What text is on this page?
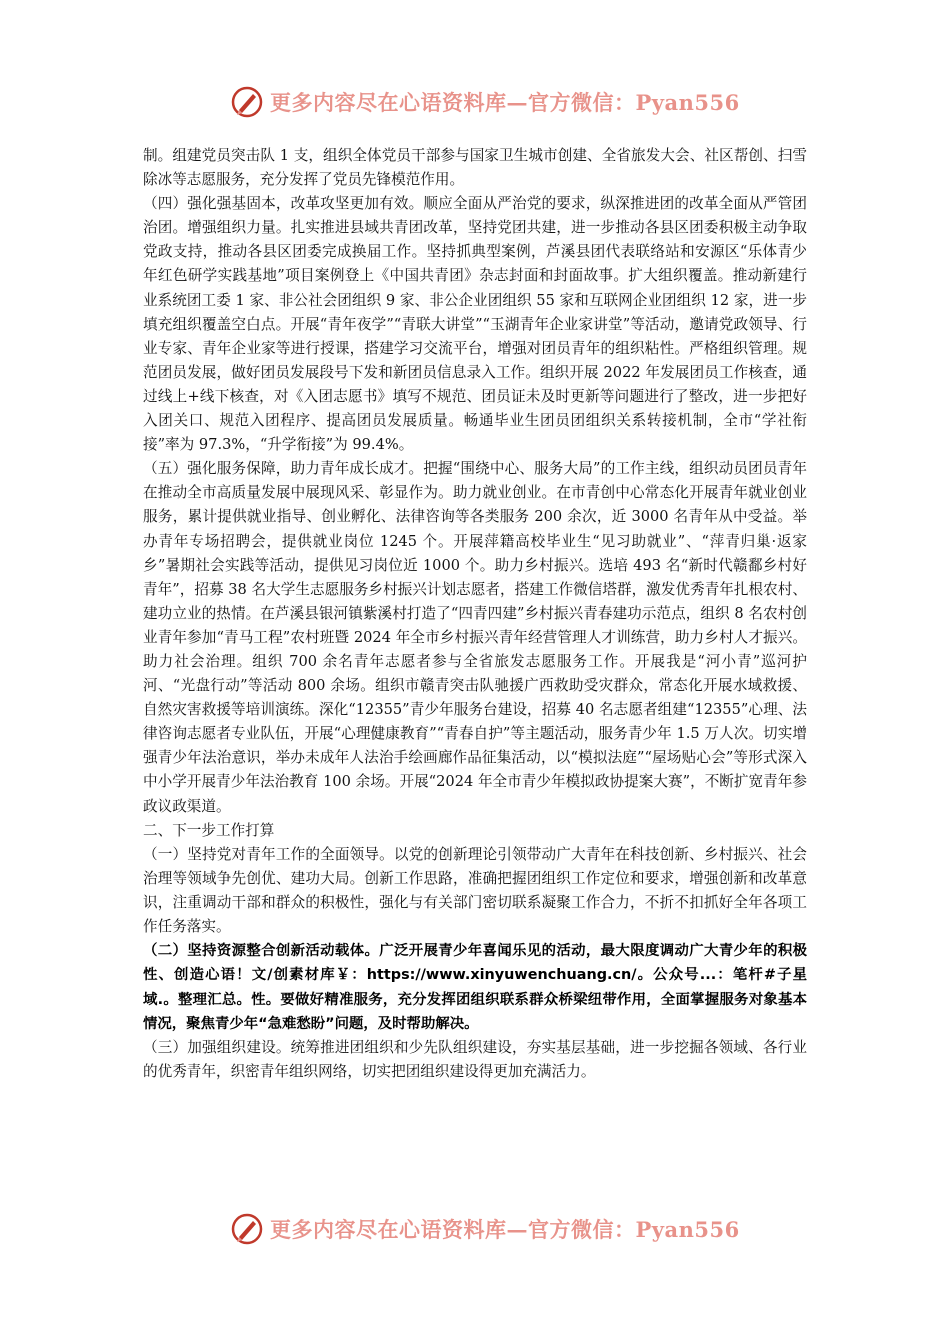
更多内容尽在心语资料库—官方微信：Pyan556

制。组建党员突击队 1 支，组织全体党员干部参与国家卫生城市创建、全省旅发大会、社区帮创、扫雪除冰等志愿服务，充分发挥了党员先锋模范作用。

（四）强化强基固本，改革攻坚更加有效。顺应全面从严治党的要求，纵深推进团的改革全面从严管团治团。增强组织力量。扎实推进县域共青团改革，坚持党团共建，进一步推动各县区团委积极主动争取党政支持，推动各县区团委完成换届工作。坚持抓典型案例，芦溪县团代表联络站和安源区“乐体青少年红色研学实践基地”项目案例登上《中国共青团》杂志封面和封面故事。扩大组织覆盖。推动新建行业系统团工委 1 家、非公社会团组织 9 家、非公企业团组织 55 家和互联网企业团组织 12 家，进一步填充组织覆盖空白点。开展“青年夜学”“青联大讲堂”“玉湖青年企业家讲堂”等活动，邀请党政领导、行业专家、青年企业家等进行授课，搭建学习交流平台，增强对团员青年的组织粘性。严格组织管理。规范团员发展，做好团员发展段号下发和新团员信息录入工作。组织开展 2022 年发展团员工作核查，通过线上+线下核查，对《入团志愿书》填写不规范、团员证未及时更新等问题进行了整改，进一步把好入团关口、规范入团程序、提高团员发展质量。畅通毕业生团员团组织关系转接机制，全市“学社衔接”率为 97.3%，“升学衔接”为 99.4%。

（五）强化服务保障，助力青年成长成才。把握“围绕中心、服务大局”的工作主线，组织动员团员青年在推动全市高质量发展中展现风采、彰显作为。助力就业创业。在市青创中心常态化开展青年就业创业服务，累计提供就业指导、创业孵化、法律咨询等各类服务 200 余次，近 3000 名青年从中受益。举办青年专场招聘会，提供就业岗位 1245 个。开展萍籍高校毕业生“见习助就业”、“萍青归巢·返家乡”暑期社会实践等活动，提供见习岗位近 1000 个。助力乡村振兴。选培 493 名“新时代赣鄱乡村好青年”，招募 38 名大学生志愿服务乡村振兴计划志愿者，搭建工作微信塔群，激发优秀青年扎根农村、建功立业的热情。在芦溪县银河镇紫溪村打造了“四青四建”乡村振兴青春建功示范点，组织 8 名农村创业青年参加“青马工程”农村班暨 2024 年全市乡村振兴青年经营管理人才训练营，助力乡村人才振兴。助力社会治理。组织 700 余名青年志愿者参与全省旅发志愿服务工作。开展我是“河小青”巡河护河、“光盘行动”等活动 800 余场。组织市赣青突击队驰援广西救助受灾群众，常态化开展水域救援、自然灾害救援等培训演练。深化“12355”青少年服务台建设，招募 40 名志愿者组建“12355”心理、法律咨询志愿者专业队伍，开展“心理健康教育”“青春自护”等主题活动，服务青少年 1.5 万人次。切实增强青少年法治意识，举办未成年人法治手绘画廊作品征集活动，以“模拟法庭”“屋场贴心会”等形式深入中小学开展青少年法治教育 100 余场。开展“2024 年全市青少年模拟政协提案大赛”，不断扩宽青年参政议政渠道。

二、下一步工作打算

（一）坚持党对青年工作的全面领导。以党的创新理论引领带动广大青年在科技创新、乡村振兴、社会治理等领域争先创优、建功大局。创新工作思路，准确把握团组织工作定位和要求，增强创新和改革意识，注重调动干部和群众的积极性，强化与有关部门密切联系凝聚工作合力，不折不扣抓好全年各项工作任务落实。

（二）坚持资源整合创新活动载体。广泛开展青少年喜闻乐见的活动，最大限度调动广大青少年的积极性、创造心语！文/创素材库￥：https://www.xinyuwenchuang.cn/。公众号...：笔杆#子星域.。整理汇总。性。要做好精准服务，充分发挥团组织联系群众桥梁纽带作用，全面掌握服务对象基本情况，聚焦青少年“急难愁盼”问题，及时帮助解决。

（三）加强组织建设。统筹推进团组织和少先队组织建设，夯实基层基础，进一步挖掘各领域、各行业的优秀青年，织密青年组织网络，切实把团组织建设得更加充满活力。

更多内容尽在心语资料库—官方微信：Pyan556
